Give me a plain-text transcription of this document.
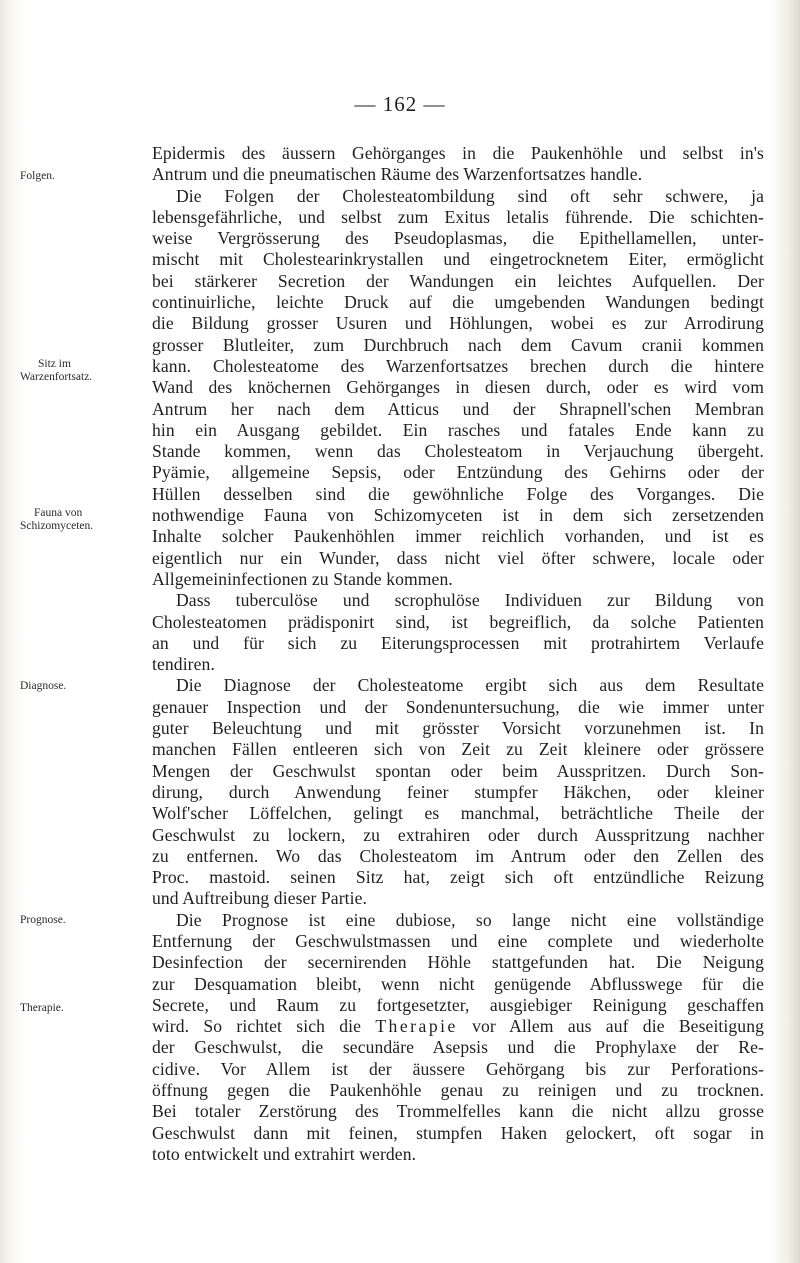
— 162 —
Folgen.
Sitz im
Warzenfortsatz.
Fauna von
Schizomyceten.
Diagnose.
Prognose.
Therapie.
Epidermis des äussern Gehörganges in die Paukenhöhle und selbst in's
Antrum und die pneumatischen Räume des Warzenfortsatzes handle.
Die Folgen der Cholesteatombildung sind oft sehr schwere, ja
lebensgefährliche, und selbst zum Exitus letalis führende. Die schichten-
weise Vergrösserung des Pseudoplasmas, die Epithellamellen, unter-
mischt mit Cholestearinkrystallen und eingetrocknetem Eiter, ermöglicht
bei stärkerer Secretion der Wandungen ein leichtes Aufquellen. Der
continuirliche, leichte Druck auf die umgebenden Wandungen bedingt
die Bildung grosser Usuren und Höhlungen, wobei es zur Arrodirung
grosser Blutleiter, zum Durchbruch nach dem Cavum cranii kommen
kann. Cholesteatome des Warzenfortsatzes brechen durch die hintere
Wand des knöchernen Gehörganges in diesen durch, oder es wird vom
Antrum her nach dem Atticus und der Shrapnell'schen Membran
hin ein Ausgang gebildet. Ein rasches und fatales Ende kann zu
Stande kommen, wenn das Cholesteatom in Verjauchung übergeht.
Pyämie, allgemeine Sepsis, oder Entzündung des Gehirns oder der
Hüllen desselben sind die gewöhnliche Folge des Vorganges. Die
nothwendige Fauna von Schizomyceten ist in dem sich zersetzenden
Inhalte solcher Paukenhöhlen immer reichlich vorhanden, und ist es
eigentlich nur ein Wunder, dass nicht viel öfter schwere, locale oder
Allgemeininfectionen zu Stande kommen.
Dass tuberculöse und scrophulöse Individuen zur Bildung von
Cholesteatomen prädisponirt sind, ist begreiflich, da solche Patienten
an und für sich zu Eiterungsprocessen mit protrahirtem Verlaufe
tendiren.
Die Diagnose der Cholesteatome ergibt sich aus dem Resultate
genauer Inspection und der Sondenuntersuchung, die wie immer unter
guter Beleuchtung und mit grösster Vorsicht vorzunehmen ist. In
manchen Fällen entleeren sich von Zeit zu Zeit kleinere oder grössere
Mengen der Geschwulst spontan oder beim Ausspritzen. Durch Son-
dirung, durch Anwendung feiner stumpfer Häkchen, oder kleiner
Wolf'scher Löffelchen, gelingt es manchmal, beträchtliche Theile der
Geschwulst zu lockern, zu extrahiren oder durch Ausspritzung nachher
zu entfernen. Wo das Cholesteatom im Antrum oder den Zellen des
Proc. mastoid. seinen Sitz hat, zeigt sich oft entzündliche Reizung
und Auftreibung dieser Partie.
Die Prognose ist eine dubiose, so lange nicht eine vollständige
Entfernung der Geschwulstmassen und eine complete und wiederholte
Desinfection der secernirenden Höhle stattgefunden hat. Die Neigung
zur Desquamation bleibt, wenn nicht genügende Abflusswege für die
Secrete, und Raum zu fortgesetzter, ausgiebiger Reinigung geschaffen
wird. So richtet sich die Therapie vor Allem aus auf die Beseitigung
der Geschwulst, die secundäre Asepsis und die Prophylaxe der Re-
cidive. Vor Allem ist der äussere Gehörgang bis zur Perforations-
öffnung gegen die Paukenhöhle genau zu reinigen und zu trocknen.
Bei totaler Zerstörung des Trommelfelles kann die nicht allzu grosse
Geschwulst dann mit feinen, stumpfen Haken gelockert, oft sogar in
toto entwickelt und extrahirt werden.
